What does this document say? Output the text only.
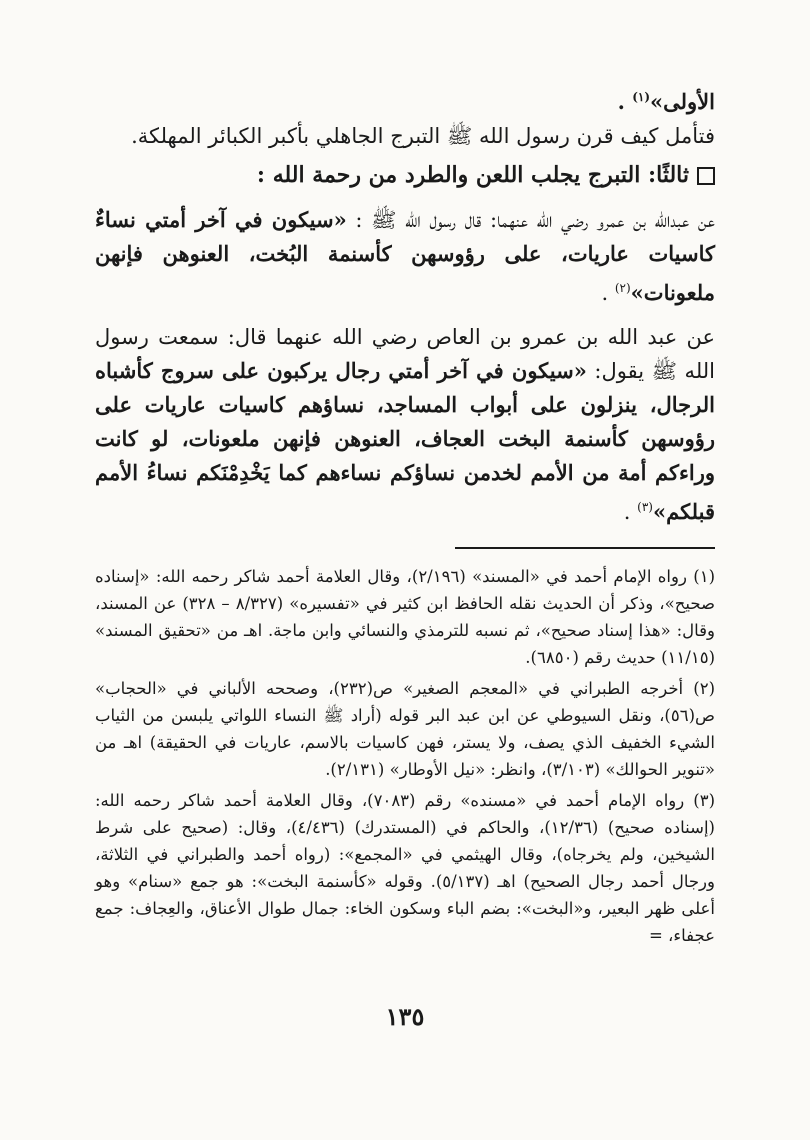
الأولى»$^{(١)}$ .

فتأمل كيف قرن رسول الله ﷺ التبرج الجاهلي بأكبر الكبائر المهلكة.

ثالثًا: التبرج يجلب اللعن والطرد من رحمة الله :

عن عبدالله بن عمرو رضي الله عنهما: قال رسول الله ﷺ : «سيكون في آخر أمتي نساءٌ كاسيات عاريات، على رؤوسهن كأسنمة البُخت، العنوهن فإنهن ملعونات»$^{(٢)}$ .

عن عبد الله بن عمرو بن العاص رضي الله عنهما قال: سمعت رسول الله ﷺ يقول: «سيكون في آخر أمتي رجال يركبون على سروج كأشباه الرجال، ينزلون على أبواب المساجد، نساؤهم كاسيات عاريات على رؤوسهن كأسنمة البخت العجاف، العنوهن فإنهن ملعونات، لو كانت وراءكم أمة من الأمم لخدمن نساؤكم نساءهم كما يَخْدِمْنَكم نساءُ الأمم قبلكم»$^{(٣)}$ .

(١) رواه الإمام أحمد في «المسند» (٢/١٩٦)، وقال العلامة أحمد شاكر رحمه الله: «إسناده صحيح»، وذكر أن الحديث نقله الحافظ ابن كثير في «تفسيره» (٨/٣٢٧ – ٣٢٨) عن المسند، وقال: «هذا إسناد صحيح»، ثم نسبه للترمذي والنسائي وابن ماجة. اهـ من «تحقيق المسند» (١١/١٥) حديث رقم (٦٨٥٠).

(٢) أخرجه الطبراني في «المعجم الصغير» ص(٢٣٢)، وصححه الألباني في «الحجاب» ص(٥٦)، ونقل السيوطي عن ابن عبد البر قوله (أراد ﷺ النساء اللواتي يلبسن من الثياب الشيء الخفيف الذي يصف، ولا يستر، فهن كاسيات بالاسم، عاريات في الحقيقة) اهـ من «تنوير الحوالك» (٣/١٠٣)، وانظر: «نيل الأوطار» (٢/١٣١).

(٣) رواه الإمام أحمد في «مسنده» رقم (٧٠٨٣)، وقال العلامة أحمد شاكر رحمه الله: (إسناده صحيح) (١٢/٣٦)، والحاكم في (المستدرك) (٤/٤٣٦)، وقال: (صحيح على شرط الشيخين، ولم يخرجاه)، وقال الهيثمي في «المجمع»: (رواه أحمد والطبراني في الثلاثة، ورجال أحمد رجال الصحيح) اهـ (٥/١٣٧). وقوله «كأسنمة البخت»: هو جمع «سنام» وهو أعلى ظهر البعير، و«البخت»: بضم الباء وسكون الخاء: جمال طوال الأعناق، والعِجاف: جمع عجفاء، =

١٣٥
